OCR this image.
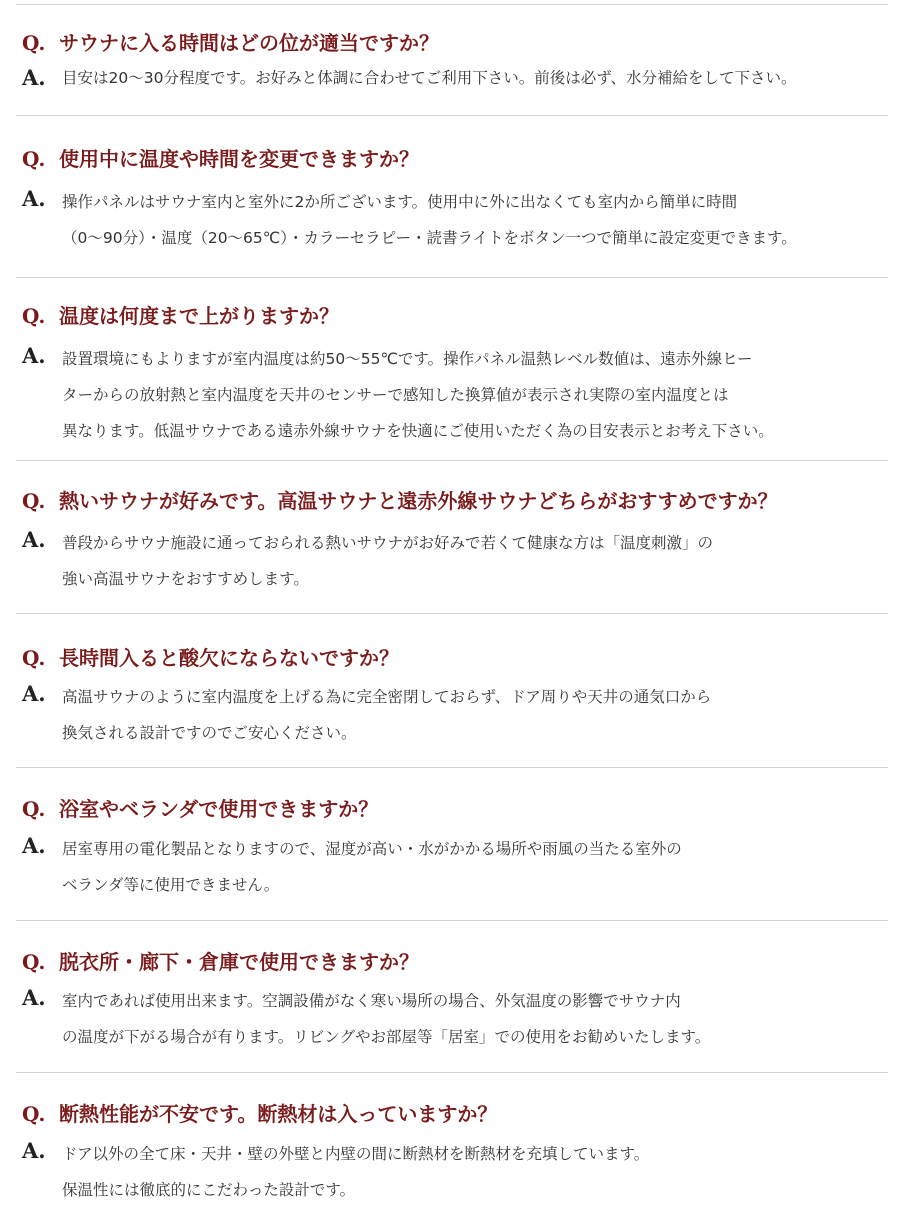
Q. サウナに入る時間はどの位が適当ですか？

A. 目安は20〜30分程度です。お好みと体調に合わせてご利用下さい。前後は必ず、水分補給をして下さい。

Q. 使用中に温度や時間を変更できますか？

A. 操作パネルはサウナ室内と室外に2か所ございます。使用中に外に出なくても室内から簡単に時間
（0〜90分）・温度（20〜65℃）・カラーセラピー・読書ライトをボタン一つで簡単に設定変更できます。

Q. 温度は何度まで上がりますか？

A. 設置環境にもよりますが室内温度は約50〜55℃です。操作パネル温熱レベル数値は、遠赤外線ヒー
ターからの放射熱と室内温度を天井のセンサーで感知した換算値が表示され実際の室内温度とは
異なります。低温サウナである遠赤外線サウナを快適にご使用いただく為の目安表示とお考え下さい。

Q. 熱いサウナが好みです。高温サウナと遠赤外線サウナどちらがおすすめですか？

A. 普段からサウナ施設に通っておられる熱いサウナがお好みで若くて健康な方は「温度刺激」の
強い高温サウナをおすすめします。

Q. 長時間入ると酸欠にならないですか？

A. 高温サウナのように室内温度を上げる為に完全密閉しておらず、ドア周りや天井の通気口から
換気される設計ですのでご安心ください。

Q. 浴室やベランダで使用できますか？

A. 居室専用の電化製品となりますので、湿度が高い・水がかかる場所や雨風の当たる室外の
ベランダ等に使用できません。

Q. 脱衣所・廊下・倉庫で使用できますか？

A. 室内であれば使用出来ます。空調設備がなく寒い場所の場合、外気温度の影響でサウナ内
の温度が下がる場合が有ります。リビングやお部屋等「居室」での使用をお勧めいたします。

Q. 断熱性能が不安です。断熱材は入っていますか？

A. ドア以外の全て床・天井・壁の外壁と内壁の間に断熱材を断熱材を充填しています。
保温性には徹底的にこだわった設計です。
